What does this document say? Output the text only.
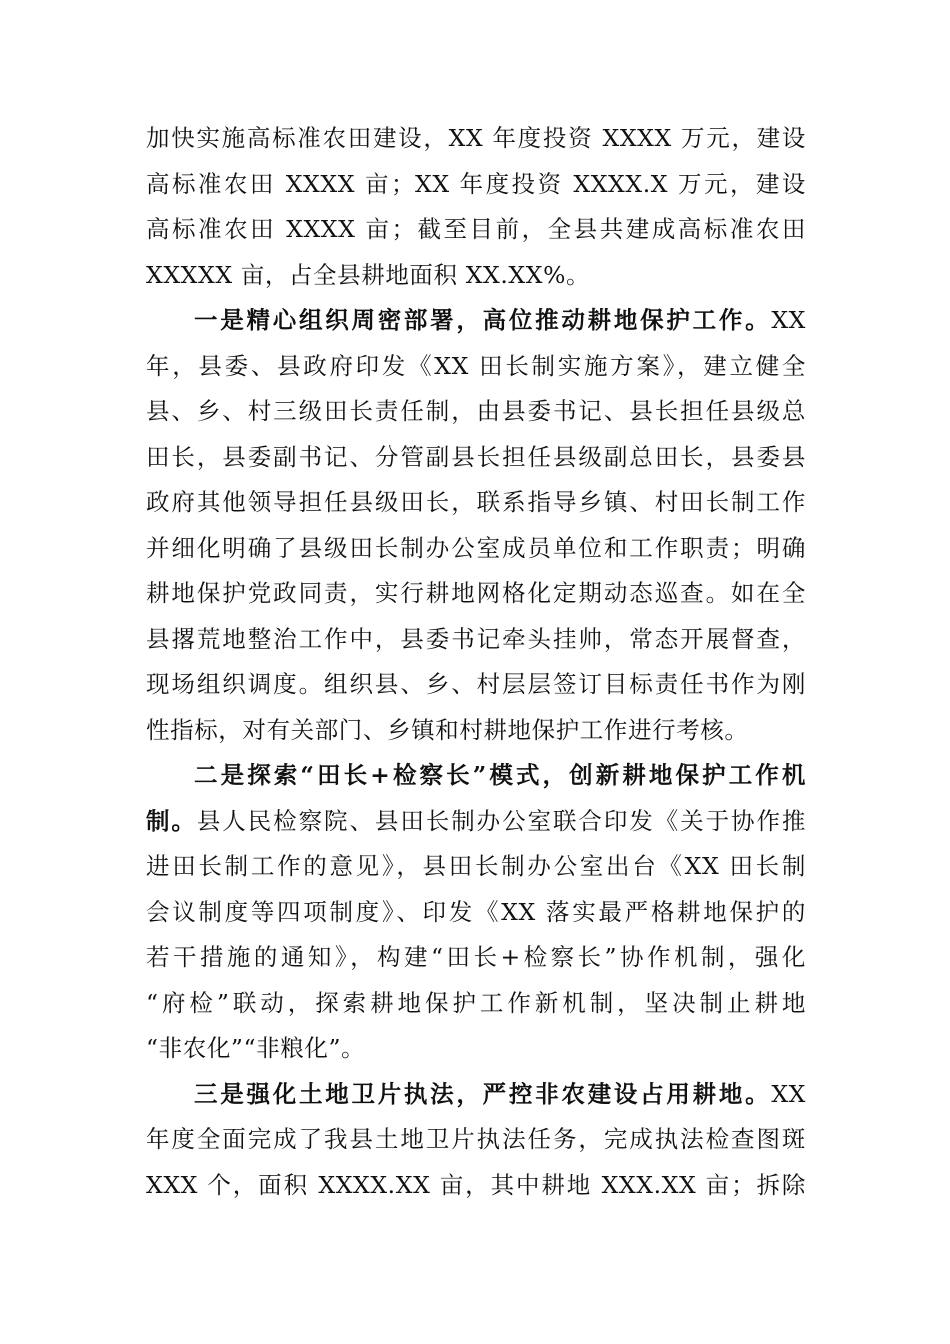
加快实施高标准农田建设，XX 年度投资 XXXX 万元，建设
高标准农田 XXXX 亩；XX 年度投资 XXXX.X 万元，建设
高标准农田 XXXX 亩；截至目前，全县共建成高标准农田
XXXXX 亩，占全县耕地面积 XX.XX%。
一是精心组织周密部署，高位推动耕地保护工作。XX
年，县委、县政府印发《XX 田长制实施方案》，建立健全
县、乡、村三级田长责任制，由县委书记、县长担任县级总
田长，县委副书记、分管副县长担任县级副总田长，县委县
政府其他领导担任县级田长，联系指导乡镇、村田长制工作
并细化明确了县级田长制办公室成员单位和工作职责；明确
耕地保护党政同责，实行耕地网格化定期动态巡查。如在全
县撂荒地整治工作中，县委书记牵头挂帅，常态开展督查，
现场组织调度。组织县、乡、村层层签订目标责任书作为刚
性指标，对有关部门、乡镇和村耕地保护工作进行考核。
二是探索“田长+检察长”模式，创新耕地保护工作机
制。县人民检察院、县田长制办公室联合印发《关于协作推
进田长制工作的意见》，县田长制办公室出台《XX 田长制
会议制度等四项制度》、印发《XX 落实最严格耕地保护的
若干措施的通知》，构建“田长+检察长”协作机制，强化
“府检”联动，探索耕地保护工作新机制，坚决制止耕地
“非农化”“非粮化”。
三是强化土地卫片执法，严控非农建设占用耕地。XX
年度全面完成了我县土地卫片执法任务，完成执法检查图斑
XXX 个，面积 XXXX.XX 亩，其中耕地 XXX.XX 亩；拆除
